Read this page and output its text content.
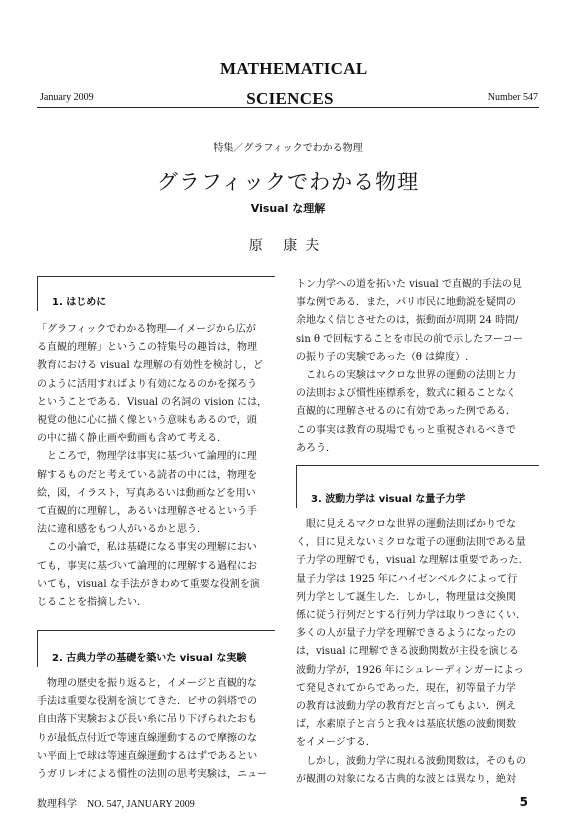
MATHEMATICAL
SCIENCES
January 2009	Number 547
特集／グラフィックでわかる物理
グラフィックでわかる物理
Visual な理解
原 康夫
1. はじめに
「グラフィックでわかる物理―イメージから広が
る直観的理解」というこの特集号の趣旨は，物理
教育における visual な理解の有効性を検討し，ど
のように活用すればより有効になるのかを探ろう
ということである．Visual の名詞の vision には，
視覚の他に心に描く像という意味もあるので，頭
の中に描く静止画や動画も含めて考える．
　ところで，物理学は事実に基づいて論理的に理
解するものだと考えている読者の中には，物理を
絵，図，イラスト，写真あるいは動画などを用い
て直観的に理解し，あるいは理解させるという手
法に違和感をもつ人がいるかと思う．
　この小論で，私は基礎になる事実の理解におい
ても，事実に基づいて論理的に理解する過程にお
いても，visual な手法がきわめて重要な役割を演
じることを指摘したい．
2. 古典力学の基礎を築いた visual な実験
　物理の歴史を振り返ると，イメージと直観的な
手法は重要な役割を演じてきた．ピサの斜塔での
自由落下実験および長い糸に吊り下げられたおも
りが最低点付近で等速直線運動するので摩擦のな
い平面上で球は等速直線運動するはずであるとい
うガリレオによる慣性の法則の思考実験は，ニュー
トン力学への道を拓いた visual で直観的手法の見
事な例である．また，パリ市民に地動説を疑問の
余地なく信じさせたのは，振動面が周期 24 時間/
sin θ で回転することを市民の前で示したフーコー
の振り子の実験であった（θ は緯度）.
　これらの実験はマクロな世界の運動の法則と力
の法則および慣性座標系を，数式に頼ることなく
直観的に理解させるのに有効であった例である．
この事実は教育の現場でもっと重視されるべきで
あろう．
3. 波動力学は visual な量子力学
　眼に見えるマクロな世界の運動法則ばかりでな
く，目に見えないミクロな電子の運動法則である量
子力学の理解でも，visual な理解は重要であった．
量子力学は 1925 年にハイゼンベルクによって行
列力学として誕生した．しかし，物理量は交換関
係に従う行列だとする行列力学は取りつきにくい．
多くの人が量子力学を理解できるようになったの
は，visual に理解できる波動関数が主役を演じる
波動力学が，1926 年にシュレーディンガーによっ
て発見されてからであった．現在，初等量子力学
の教育は波動力学の教育だと言ってもよい．例え
ば，水素原子と言うと我々は基底状態の波動関数
をイメージする．
　しかし，波動力学に現れる波動関数は，そのもの
が観測の対象になる古典的な波とは異なり，絶対
数理科学　NO. 547, JANUARY 2009	5
